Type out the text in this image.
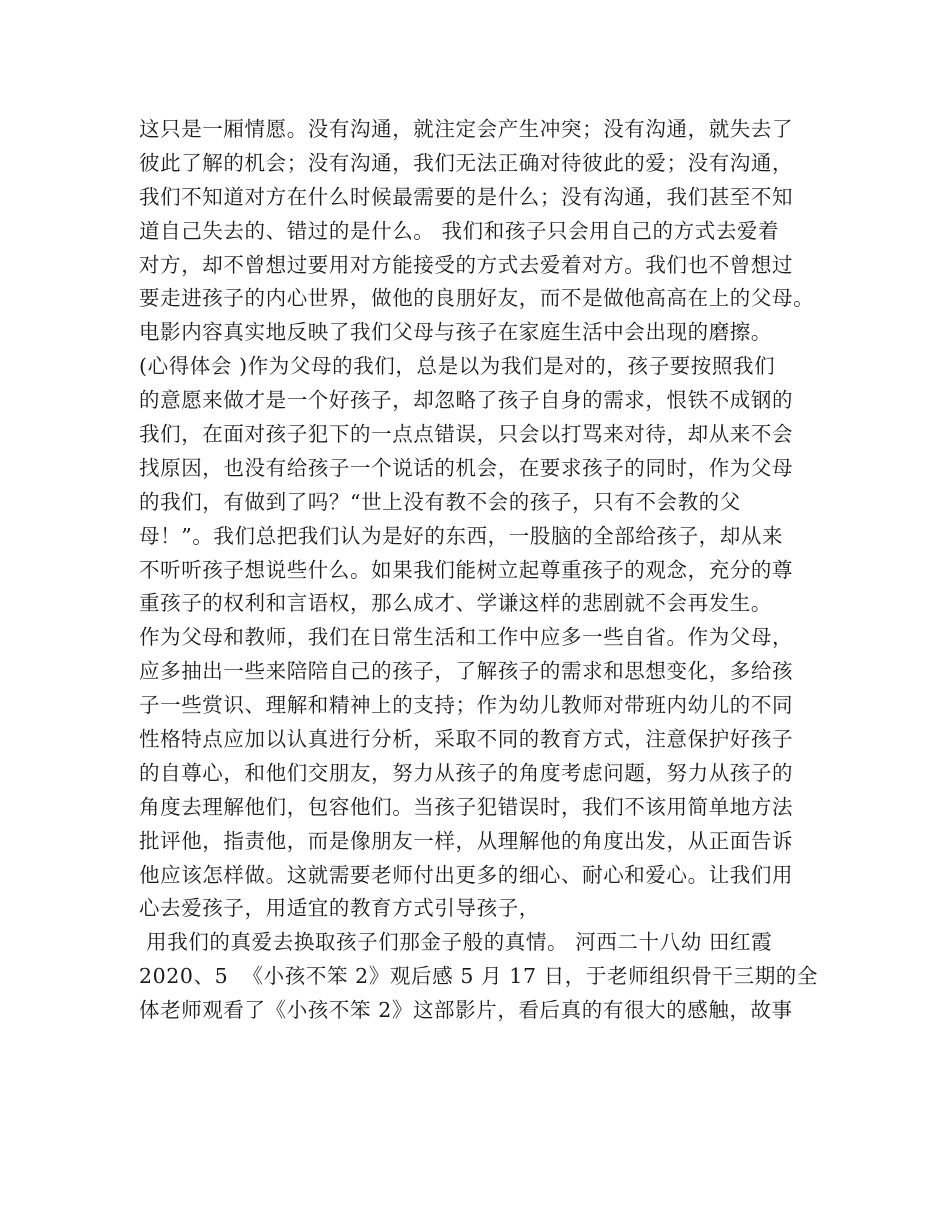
这只是一厢情愿。没有沟通，就注定会产生冲突；没有沟通，就失去了
彼此了解的机会；没有沟通，我们无法正确对待彼此的爱；没有沟通，
我们不知道对方在什么时候最需要的是什么；没有沟通，我们甚至不知
道自己失去的、错过的是什么。 我们和孩子只会用自己的方式去爱着
对方，却不曾想过要用对方能接受的方式去爱着对方。我们也不曾想过
要走进孩子的内心世界，做他的良朋好友，而不是做他高高在上的父母。
电影内容真实地反映了我们父母与孩子在家庭生活中会出现的磨擦。
(心得体会 )作为父母的我们，总是以为我们是对的，孩子要按照我们
的意愿来做才是一个好孩子，却忽略了孩子自身的需求，恨铁不成钢的
我们，在面对孩子犯下的一点点错误，只会以打骂来对待，却从来不会
找原因，也没有给孩子一个说话的机会，在要求孩子的同时，作为父母
的我们，有做到了吗？“世上没有教不会的孩子，只有不会教的父
母！”。我们总把我们认为是好的东西，一股脑的全部给孩子，却从来
不听听孩子想说些什么。如果我们能树立起尊重孩子的观念，充分的尊
重孩子的权利和言语权，那么成才、学谦这样的悲剧就不会再发生。
作为父母和教师，我们在日常生活和工作中应多一些自省。作为父母，
应多抽出一些来陪陪自己的孩子，了解孩子的需求和思想变化，多给孩
子一些赏识、理解和精神上的支持；作为幼儿教师对带班内幼儿的不同
性格特点应加以认真进行分析，采取不同的教育方式，注意保护好孩子
的自尊心，和他们交朋友，努力从孩子的角度考虑问题，努力从孩子的
角度去理解他们，包容他们。当孩子犯错误时，我们不该用简单地方法
批评他，指责他，而是像朋友一样，从理解他的角度出发，从正面告诉
他应该怎样做。这就需要老师付出更多的细心、耐心和爱心。让我们用
心去爱孩子，用适宜的教育方式引导孩子，
用我们的真爱去换取孩子们那金子般的真情。 河西二十八幼 田红霞
2020、5  《小孩不笨 2》观后感 5 月 17 日，于老师组织骨干三期的全
体老师观看了《小孩不笨 2》这部影片，看后真的有很大的感触，故事
